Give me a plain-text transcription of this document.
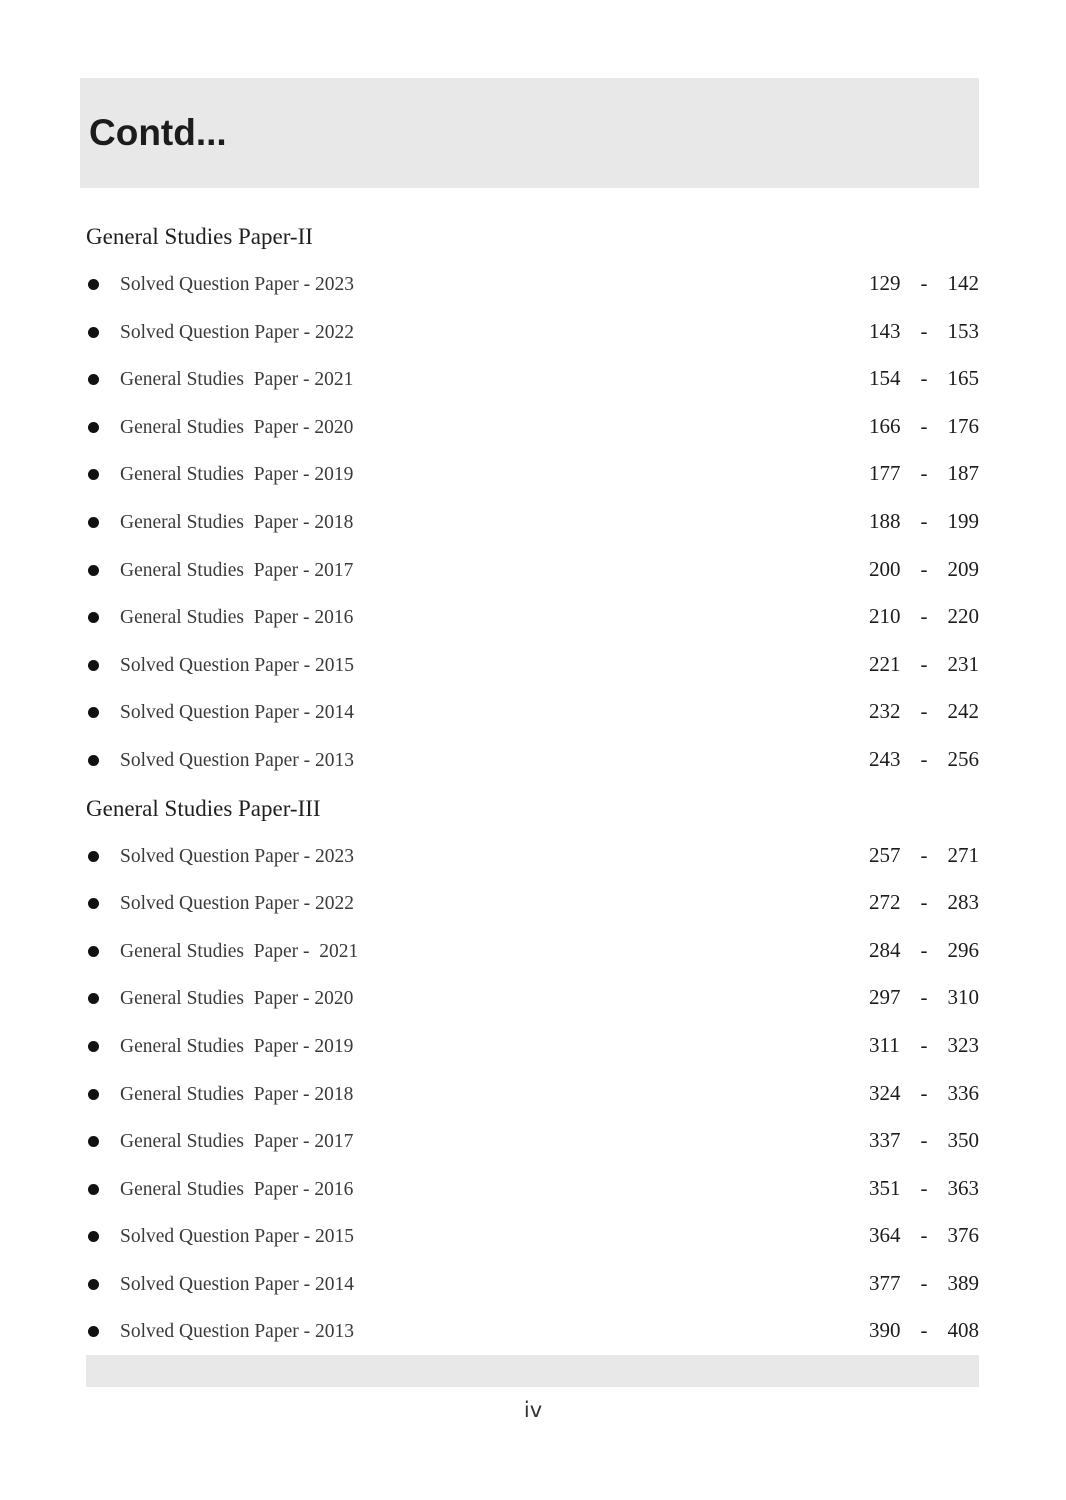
Contd...
General Studies Paper-II
Solved Question Paper - 2023	129 - 142
Solved Question Paper - 2022	143 - 153
General Studies  Paper - 2021	154 - 165
General Studies  Paper - 2020	166 - 176
General Studies  Paper - 2019	177 - 187
General Studies  Paper - 2018	188 - 199
General Studies  Paper - 2017	200 - 209
General Studies  Paper - 2016	210 - 220
Solved Question Paper - 2015	221 - 231
Solved Question Paper - 2014	232 - 242
Solved Question Paper - 2013	243 - 256
General Studies Paper-III
Solved Question Paper - 2023	257 - 271
Solved Question Paper - 2022	272 - 283
General Studies  Paper -  2021	284 - 296
General Studies  Paper - 2020	297 - 310
General Studies  Paper - 2019	311 - 323
General Studies  Paper - 2018	324 - 336
General Studies  Paper - 2017	337 - 350
General Studies  Paper - 2016	351 - 363
Solved Question Paper - 2015	364 - 376
Solved Question Paper - 2014	377 - 389
Solved Question Paper - 2013	390 - 408
iv
